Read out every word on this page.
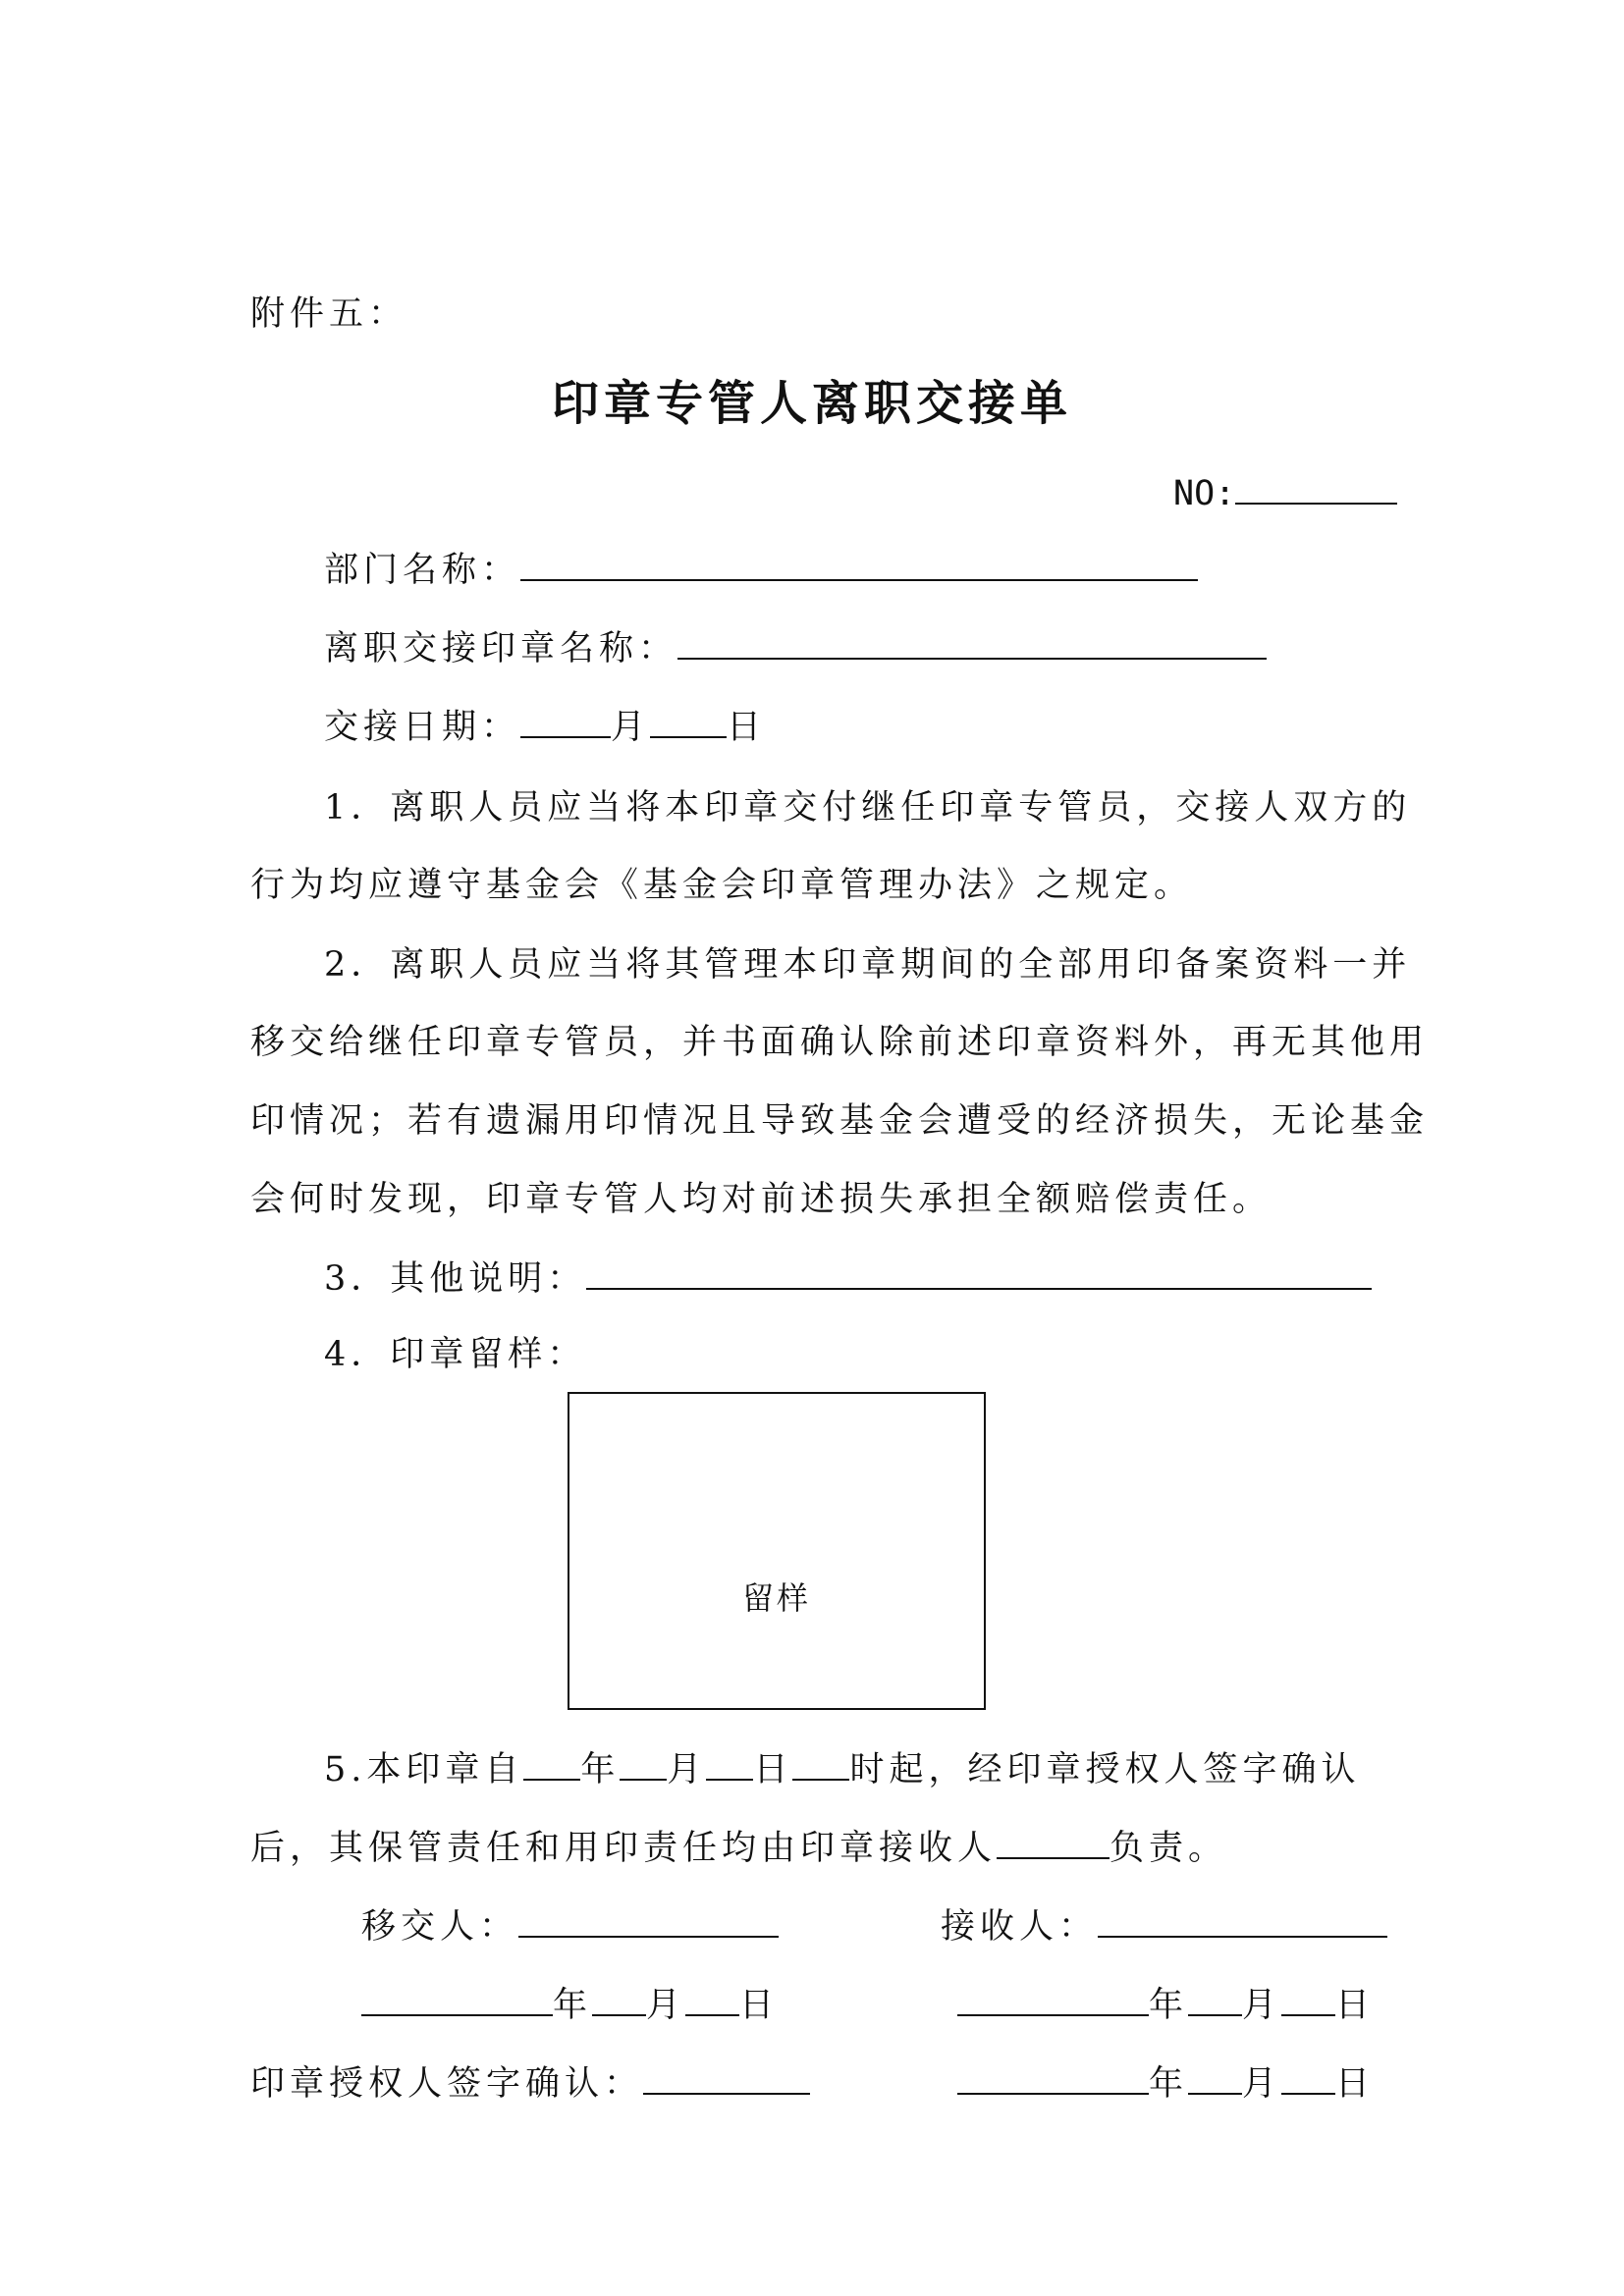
附件五：
印章专管人离职交接单
NO:
部门名称：
离职交接印章名称：
交接日期：	月 日
1．离职人员应当将本印章交付继任印章专管员，交接人双方的
行为均应遵守基金会《基金会印章管理办法》之规定。
2．离职人员应当将其管理本印章期间的全部用印备案资料一并
移交给继任印章专管员，并书面确认除前述印章资料外，再无其他用
印情况；若有遗漏用印情况且导致基金会遭受的经济损失，无论基金
会何时发现，印章专管人均对前述损失承担全额赔偿责任。
3．其他说明：
4．印章留样：
留样
5.本印章自 年 月 日 时起，经印章授权人签字确认
后，其保管责任和用印责任均由印章接收人	负责。
移交人：	接收人：
年 月 日	年 月 日
印章授权人签字确认：	年 月 日
